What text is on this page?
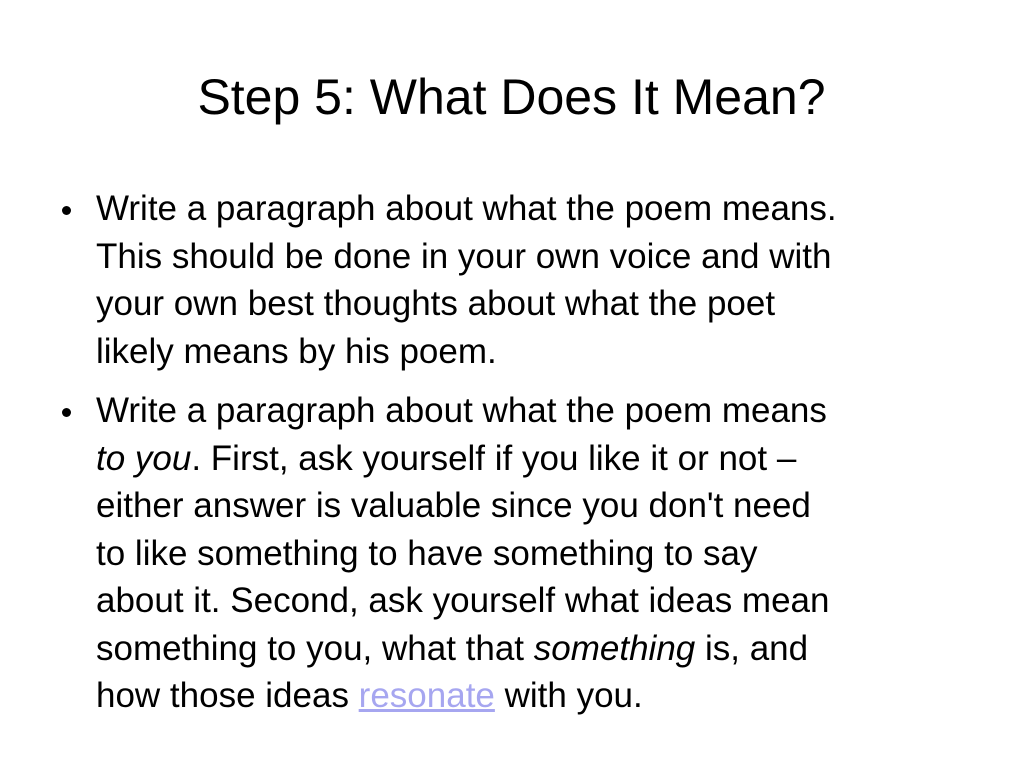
Step 5: What Does It Mean?

Write a paragraph about what the poem means.
This should be done in your own voice and with
your own best thoughts about what the poet
likely means by his poem.

Write a paragraph about what the poem means
to you. First, ask yourself if you like it or not –
either answer is valuable since you don't need
to like something to have something to say
about it. Second, ask yourself what ideas mean
something to you, what that something is, and
how those ideas resonate with you.
